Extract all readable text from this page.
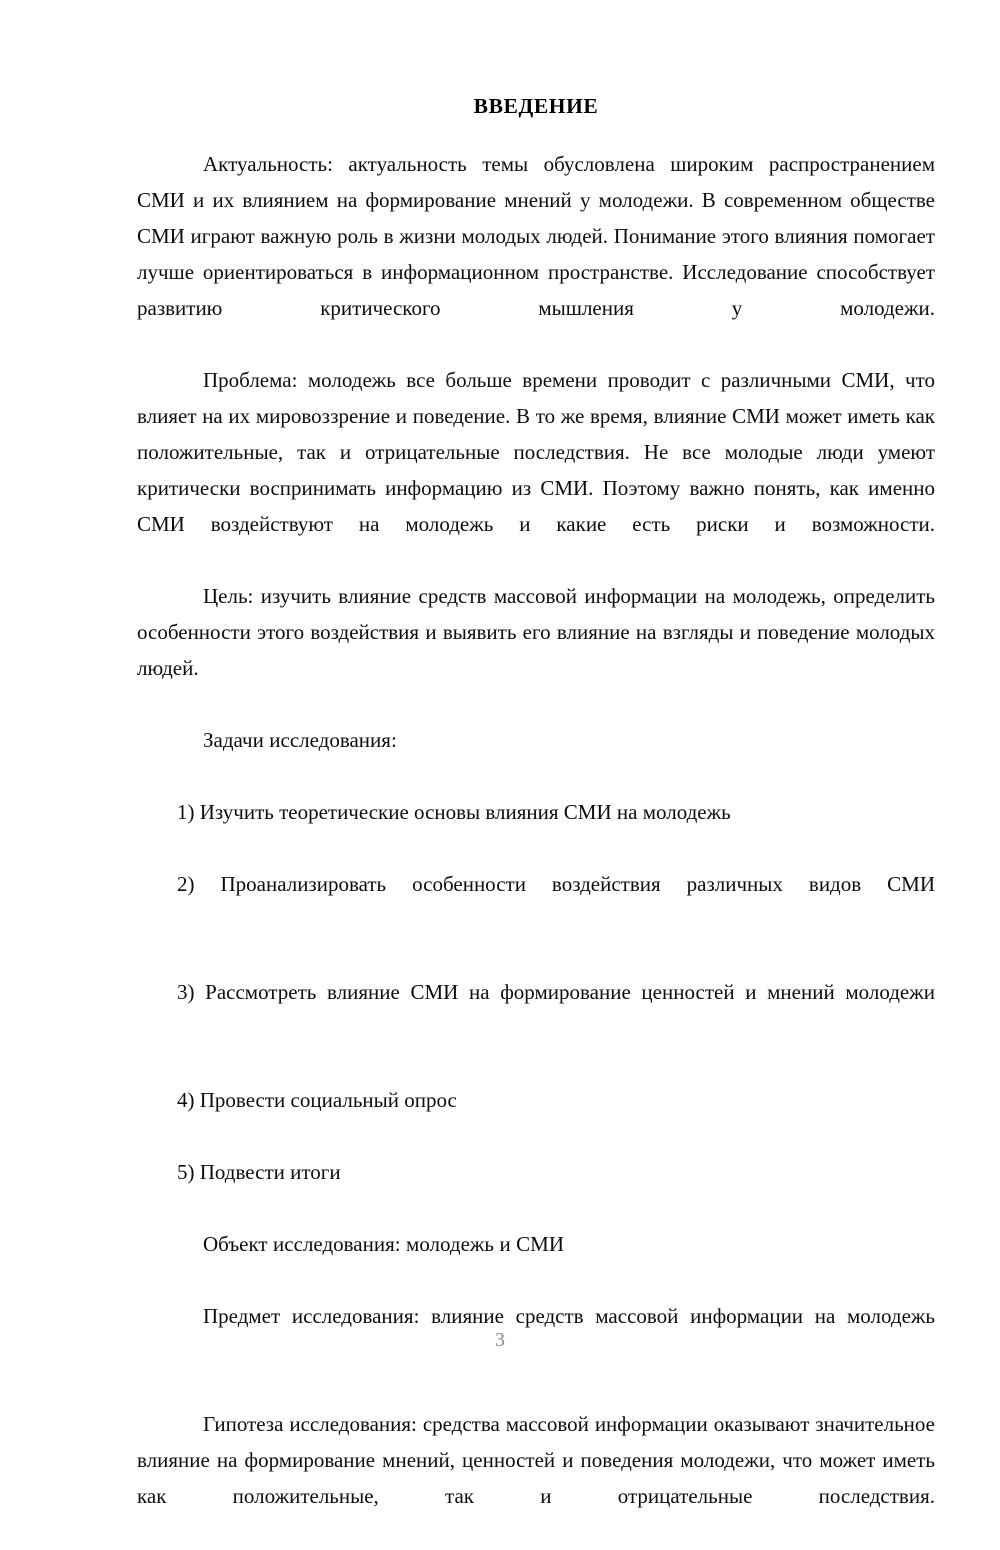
ВВЕДЕНИЕ

Актуальность: актуальность темы обусловлена широким распространением СМИ и их влиянием на формирование мнений у молодежи. В современном обществе СМИ играют важную роль в жизни молодых людей. Понимание этого влияния помогает лучше ориентироваться в информационном пространстве. Исследование способствует развитию критического мышления у молодежи.

Проблема: молодежь все больше времени проводит с различными СМИ, что влияет на их мировоззрение и поведение. В то же время, влияние СМИ может иметь как положительные, так и отрицательные последствия. Не все молодые люди умеют критически воспринимать информацию из СМИ. Поэтому важно понять, как именно СМИ воздействуют на молодежь и какие есть риски и возможности.

Цель: изучить влияние средств массовой информации на молодежь, определить особенности этого воздействия и выявить его влияние на взгляды и поведение молодых людей.

Задачи исследования:

1) Изучить теоретические основы влияния СМИ на молодежь

2) Проанализировать особенности воздействия различных видов СМИ

3) Рассмотреть влияние СМИ на формирование ценностей и мнений молодежи

4) Провести социальный опрос

5) Подвести итоги

Объект исследования: молодежь и СМИ

Предмет исследования: влияние средств массовой информации на молодежь

Гипотеза исследования: средства массовой информации оказывают значительное влияние на формирование мнений, ценностей и поведения молодежи, что может иметь как положительные, так и отрицательные последствия.

3
